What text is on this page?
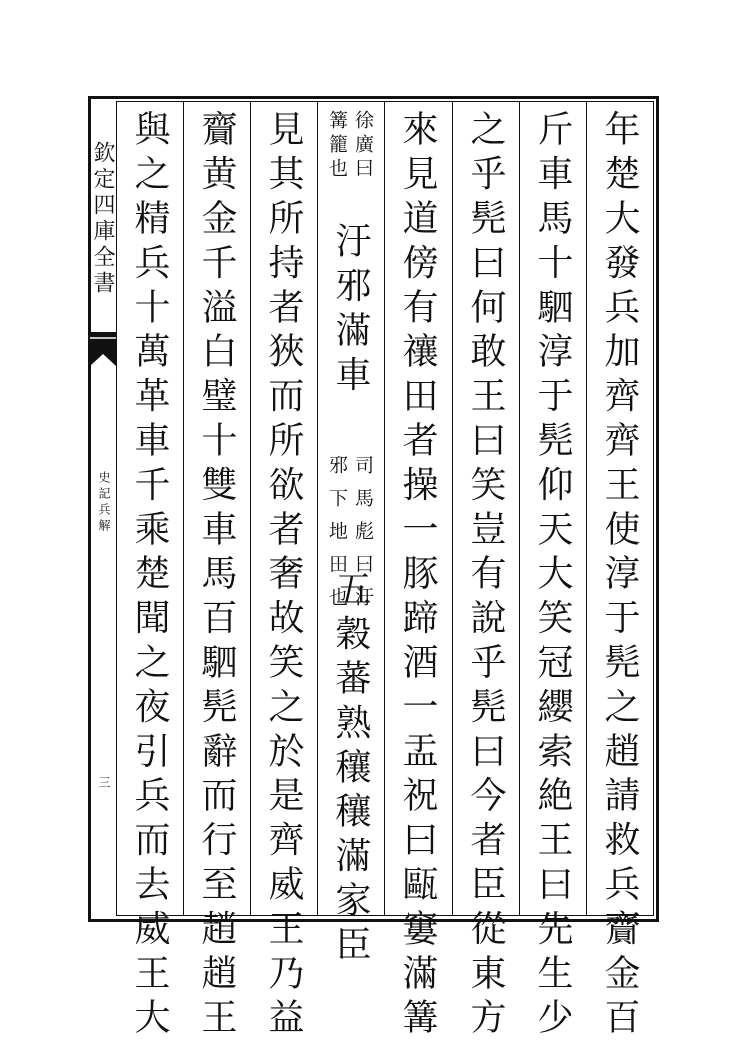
欽定四庫全書
史記兵解
三	年楚大發兵加齊齊王使淳于髡之趙請救兵齎金百
斤車馬十駟淳于髡仰天大笑冠纓索絶王曰先生少
之乎髡曰何敢王曰笑豈有說乎髡曰今者臣從東方
來見道傍有禳田者操一豚蹄酒一盂祝曰甌窶滿篝
徐廣曰
篝籠也
汙邪滿車
司馬彪曰汙
邪下地田也
五穀蕃熟穰穰滿家臣
見其所持者狹而所欲者奢故笑之於是齊威王乃益
齎黄金千溢白璧十雙車馬百駟髡辭而行至趙趙王
與之精兵十萬革車千乘楚聞之夜引兵而去威王大
